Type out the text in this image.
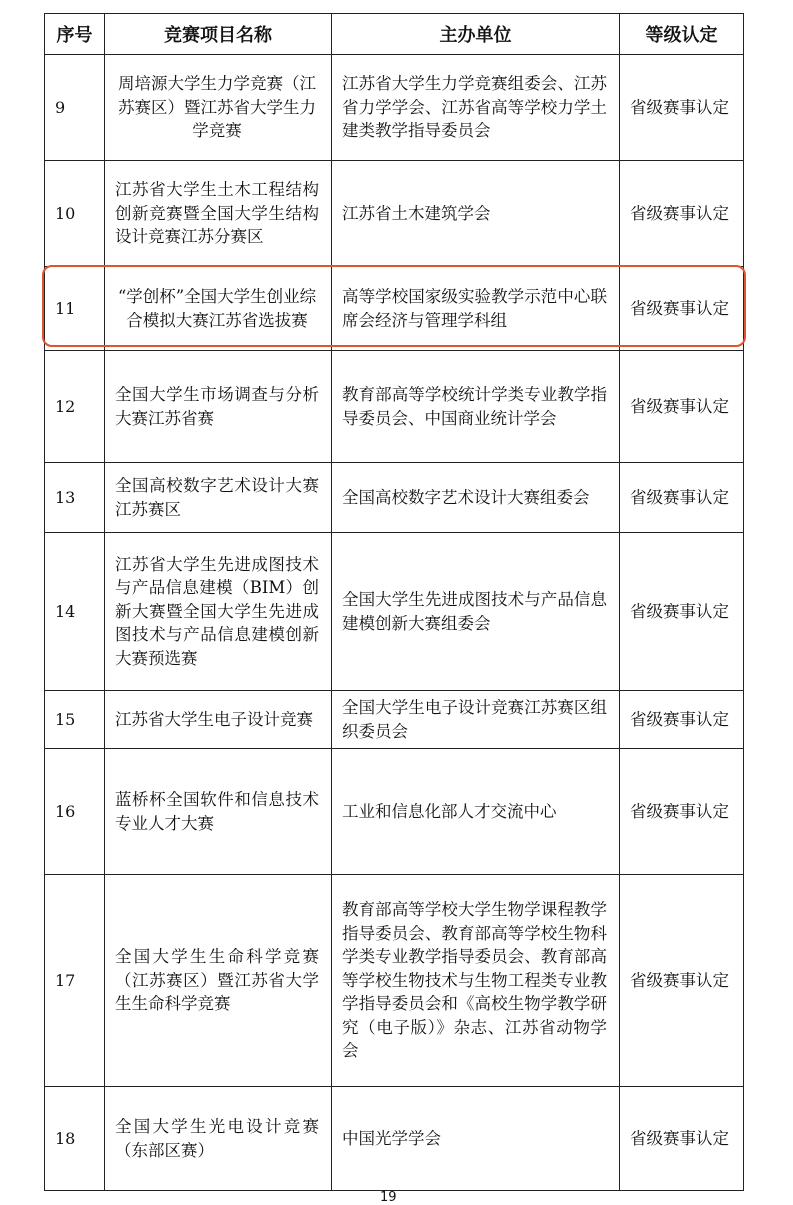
序号	竞赛项目名称	主办单位	等级认定
9	周培源大学生力学竞赛（江苏赛区）暨江苏省大学生力学竞赛	江苏省大学生力学竞赛组委会、江苏省力学学会、江苏省高等学校力学土建类教学指导委员会	省级赛事认定

10	江苏省大学生土木工程结构创新竞赛暨全国大学生结构设计竞赛江苏分赛区	江苏省土木建筑学会	省级赛事认定

11	“学创杯”全国大学生创业综合模拟大赛江苏省选拔赛	高等学校国家级实验教学示范中心联席会经济与管理学科组	省级赛事认定

12	全国大学生市场调查与分析大赛江苏省赛	教育部高等学校统计学类专业教学指导委员会、中国商业统计学会	省级赛事认定

13	全国高校数字艺术设计大赛江苏赛区	全国高校数字艺术设计大赛组委会	省级赛事认定

14	江苏省大学生先进成图技术与产品信息建模（BIM）创新大赛暨全国大学生先进成图技术与产品信息建模创新大赛预选赛	全国大学生先进成图技术与产品信息建模创新大赛组委会	省级赛事认定

15	江苏省大学生电子设计竞赛	全国大学生电子设计竞赛江苏赛区组织委员会	省级赛事认定

16	蓝桥杯全国软件和信息技术专业人才大赛	工业和信息化部人才交流中心	省级赛事认定

17	全国大学生生命科学竞赛（江苏赛区）暨江苏省大学生生命科学竞赛	教育部高等学校大学生物学课程教学指导委员会、教育部高等学校生物科学类专业教学指导委员会、教育部高等学校生物技术与生物工程类专业教学指导委员会和《高校生物学教学研究（电子版）》杂志、江苏省动物学会	省级赛事认定

18	全国大学生光电设计竞赛（东部区赛）	中国光学学会	省级赛事认定
19
